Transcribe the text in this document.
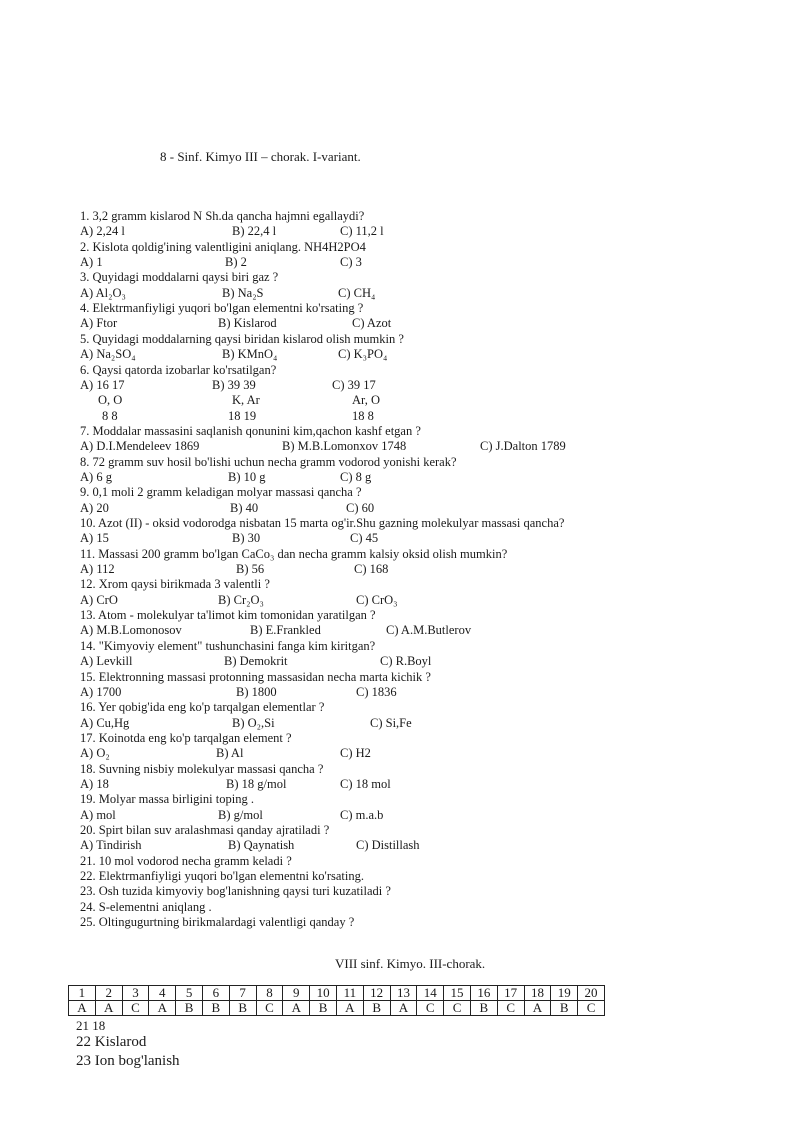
8 - Sinf. Kimyo III – chorak. I-variant.
1. 3,2 gramm kislarod N Sh.da qancha hajmni egallaydi?
A) 2,24 l	B) 22,4 l	C) 11,2 l
2. Kislota qoldig'ining valentligini aniqlang. NH4H2PO4
A) 1	B) 2	C) 3
3. Quyidagi moddalarni qaysi biri gaz ?
A) Al₂O₃	B) Na₂S	C) CH₄
4. Elektrmanfiyligi yuqori bo'lgan elementni ko'rsating ?
A) Ftor	B) Kislarod	C) Azot
5. Quyidagi moddalarning qaysi biridan kislarod olish mumkin ?
A) Na₂SO₄	B) KMnO₄	C) K₃PO₄
6. Qaysi qatorda izobarlar ko'rsatilgan?
A) 16 17	B) 39 39	C) 39 17
O, O	K, Ar	Ar, O
8 8	18 19	18 8
7. Moddalar massasini saqlanish qonunini kim,qachon kashf etgan ?
A) D.I.Mendeleev 1869	B) M.B.Lomonxov 1748	C) J.Dalton 1789
8. 72 gramm suv hosil bo'lishi uchun necha gramm vodorod yonishi kerak?
A) 6 g	B) 10 g	C) 8 g
9. 0,1 moli 2 gramm keladigan molyar massasi qancha ?
A) 20	B) 40	C) 60
10. Azot (II) - oksid vodorodga nisbatan 15 marta og'ir.Shu gazning molekulyar massasi qancha?
A) 15	B) 30	C) 45
11. Massasi 200 gramm bo'lgan CaCo₃ dan necha gramm kalsiy oksid olish mumkin?
A) 112	B) 56	C) 168
12. Xrom qaysi birikmada 3 valentli ?
A) CrO	B) Cr₂O₃	C) CrO₃
13. Atom - molekulyar ta'limot kim tomonidan yaratilgan ?
A) M.B.Lomonosov	B) E.Frankled	C) A.M.Butlerov
14. "Kimyoviy element" tushunchasini fanga kim kiritgan?
A) Levkill	B) Demokrit	C) R.Boyl
15. Elektronning massasi protonning massasidan necha marta kichik ?
A) 1700	B) 1800	C) 1836
16. Yer qobig'ida eng ko'p tarqalgan elementlar ?
A) Cu,Hg	B) O₂,Si	C) Si,Fe
17. Koinotda eng ko'p tarqalgan element ?
A) O₂	B) Al	C) H2
18. Suvning nisbiy molekulyar massasi qancha ?
A) 18	B) 18 g/mol	C) 18 mol
19. Molyar massa birligini toping .
A) mol	B) g/mol	C) m.a.b
20. Spirt bilan suv aralashmasi qanday ajratiladi ?
A) Tindirish	B) Qaynatish	C) Distillash
21. 10 mol vodorod necha gramm keladi ?
22. Elektrmanfiyligi yuqori bo'lgan elementni ko'rsating.
23. Osh tuzida kimyoviy bog'lanishning qaysi turi kuzatiladi ?
24. S-elementni aniqlang .
25. Oltingugurtning birikmalardagi valentligi qanday ?
VIII sinf. Kimyo. III-chorak.
1	2	3	4	5	6	7	8	9	10	11	12	13	14	15	16	17	18	19	20
A	A	C	A	B	B	B	C	A	B	A	B	A	C	C	B	C	A	B	C
21 18
22 Kislarod
23 Ion bog'lanish
